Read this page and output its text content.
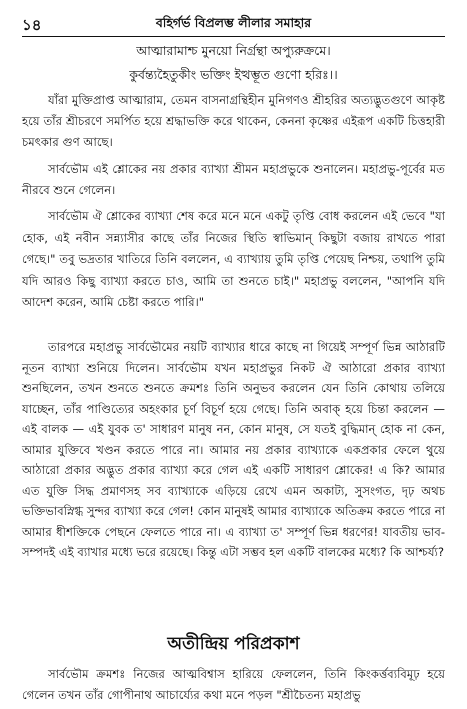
১৪	বহির্গর্ভ বিপ্রলম্ভ লীলার সমাহার
আত্মারামাশ্চ মুনয়ো নির্গ্রন্থা অপ্যুরুক্রমে।
কুর্বন্ত্যহৈতুকীং ভক্তিং ইত্থম্ভূত গুণো হরিঃ।।

যাঁরা মুক্তিপ্রাপ্ত আত্মারাম, তেমন বাসনাগ্রন্থিহীন মুনিগণও শ্রীহরির অত্যদ্ভুতগুণে আকৃষ্ট হয়ে তাঁর শ্রীচরণে সমর্পিত হয়ে শ্রদ্ধাভক্তি করে থাকেন, কেননা কৃষ্ণের এইরূপ একটি চিত্তহারী চমৎকার গুণ আছে।

সার্বভৌম এই শ্লোকের নয় প্রকার ব্যাখ্যা শ্রীমন মহাপ্রভুকে শুনালেন। মহাপ্রভু-পূর্বের মত নীরবে শুনে গেলেন।

সার্বভৌম ঐ শ্লোকের ব্যাখ্যা শেষ করে মনে মনে একটু তৃপ্তি বোধ করলেন এই ভেবে "যা হোক, এই নবীন সন্ন্যাসীর কাছে তাঁর নিজের স্থিতি স্বাভিমান্ কিছুটা বজায় রাখতে পারা গেছে।" তবু ভদ্রতার খাতিরে তিনি বললেন, এ ব্যাখ্যায় তুমি তৃপ্তি পেয়েছ নিশ্চয়, তথাপি তুমি যদি আরও কিছু ব্যাখ্যা করতে চাও, আমি তা শুনতে চাই।" মহাপ্রভু বললেন, "আপনি যদি আদেশ করেন, আমি চেষ্টা করতে পারি।"

তারপরে মহাপ্রভু সার্বভৌমের নয়টি ব্যাখ্যার ধারে কাছে না গিয়েই সম্পূর্ণ ভিন্ন আঠারটি নূতন ব্যাখ্যা শুনিয়ে দিলেন। সার্বভৌম যখন মহাপ্রভুর নিকট ঐ আঠারো প্রকার ব্যাখ্যা শুনছিলেন, তখন শুনতে শুনতে ক্রমশঃ তিনি অনুভব করলেন যেন তিনি কোথায় তলিয়ে যাচ্ছেন, তাঁর পাণ্ডিত্যের অহংকার চূর্ণ বিচূর্ণ হয়ে গেছে। তিনি অবাক্ হয়ে চিন্তা করলেন — এই বালক — এই যুবক ত' সাধারণ মানুষ নন, কোন মানুষ, সে যতই বুদ্ধিমান্ হোক না কেন, আমার যুক্তিবে খণ্ডন করতে পারে না। আমার নয় প্রকার ব্যাখ্যাকে একপ্রকার ফেলে থুয়ে আঠারো প্রকার অদ্ভুত প্রকার ব্যাখ্যা করে গেল এই একটি সাধারণ শ্লোকের! এ কি? আমার এত যুক্তি সিদ্ধ প্রমাণসহ সব ব্যাখ্যাকে এড়িয়ে রেখে এমন অকাট্য, সুসংগত, দৃঢ় অথচ ভক্তিভাবস্নিগ্ধ সুন্দর ব্যাখ্যা করে গেল! কোন মানুষই আমার ব্যাখ্যাকে অতিক্রম করতে পারে না আমার ধীশক্তিকে পেছনে ফেলতে পারে না। এ ব্যাখ্যা ত' সম্পূর্ণ ভিন্ন ধরণের! যাবতীয় ভাব-সম্পদই এই ব্যাখার মধ্যে ভরে রয়েছে। কিন্তু এটা সম্ভব হল একটি বালকের মধ্যে? কি আশ্চর্য্য?

অতীন্দ্রিয় পরিপ্রকাশ

সার্বভৌম ক্রমশঃ নিজের আত্মবিশ্বাস হারিয়ে ফেললেন, তিনি কিংকর্ত্তব্যবিমূঢ় হয়ে গেলেন তখন তাঁর গোপীনাথ আচার্য্যের কথা মনে পড়ল "শ্রীচৈতন্য মহাপ্রভু
